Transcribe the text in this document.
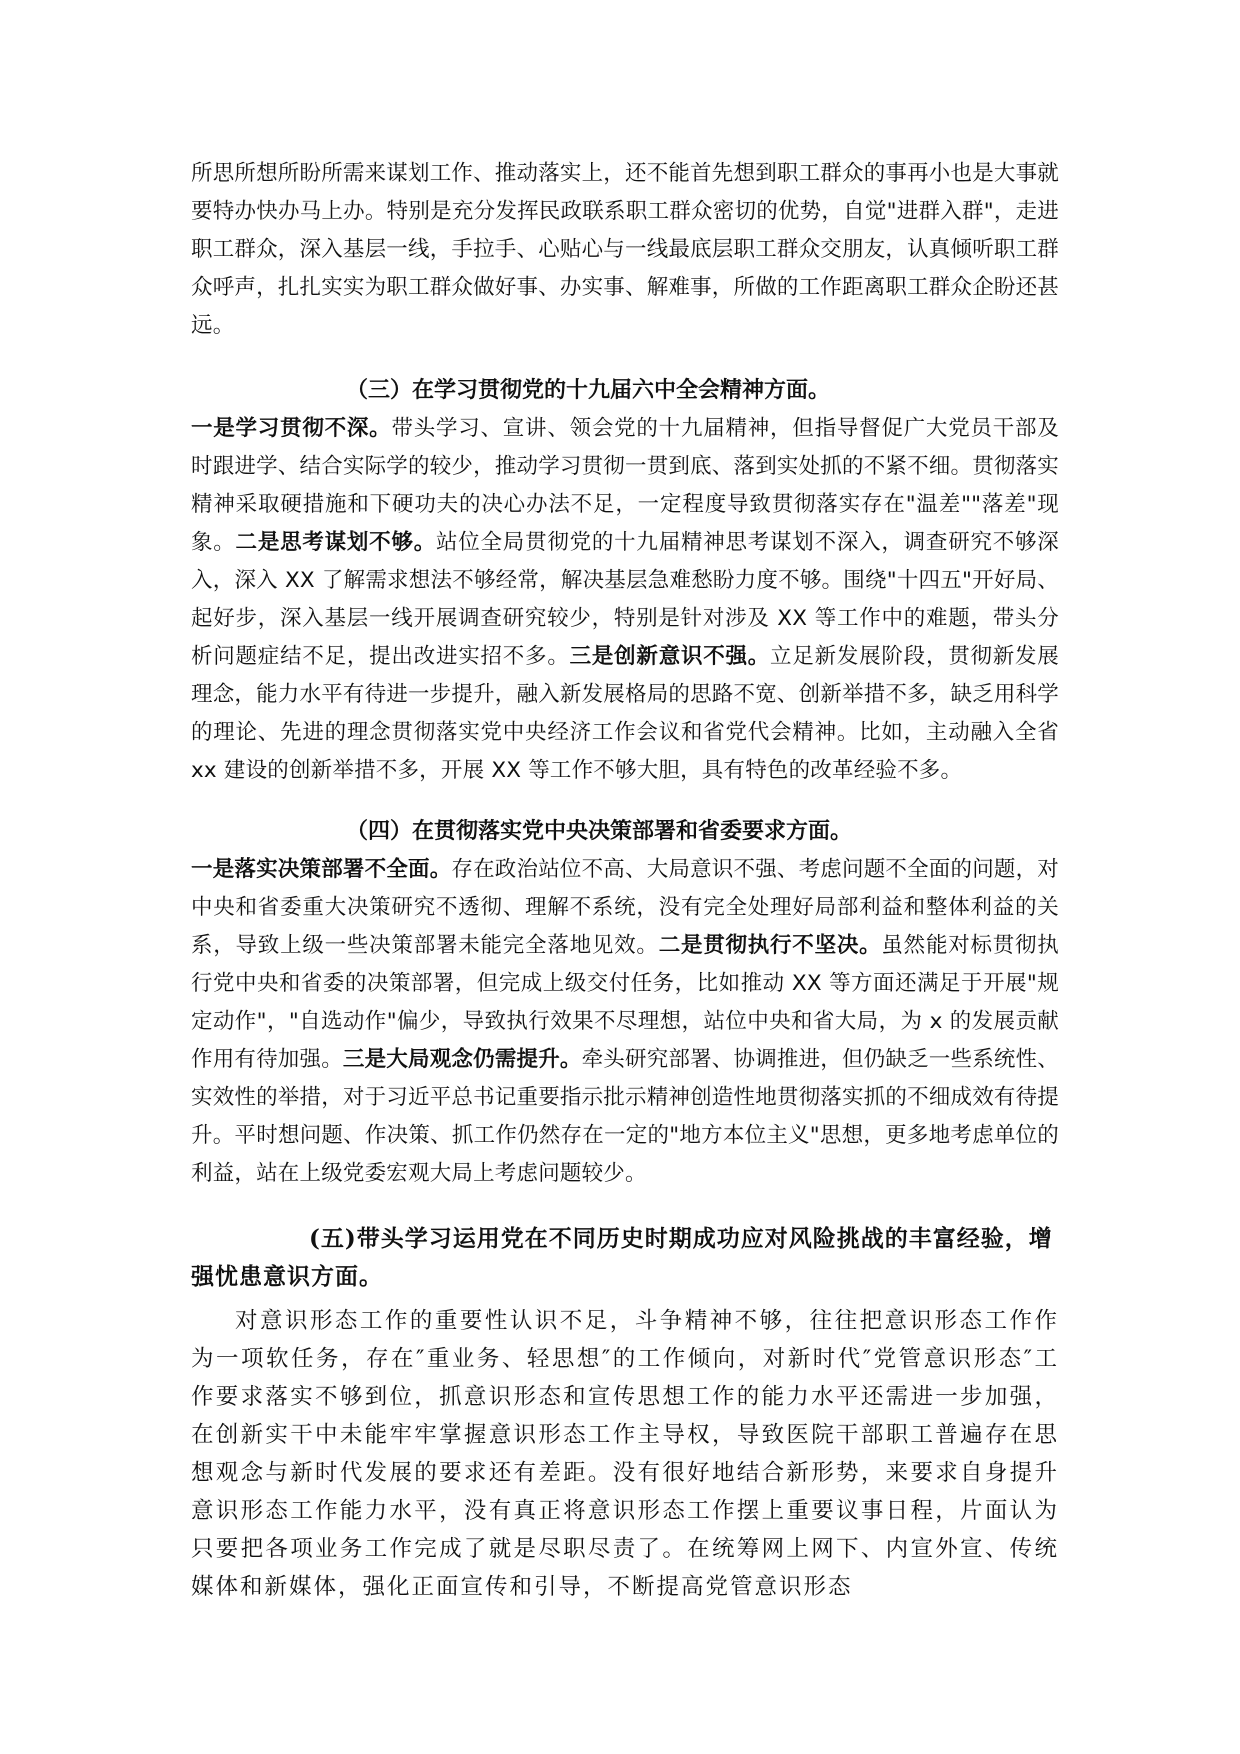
所思所想所盼所需来谋划工作、推动落实上，还不能首先想到职工群众的事再小也是大事就要特办快办马上办。特别是充分发挥民政联系职工群众密切的优势，自觉"进群入群"，走进职工群众，深入基层一线，手拉手、心贴心与一线最底层职工群众交朋友，认真倾听职工群众呼声，扎扎实实为职工群众做好事、办实事、解难事，所做的工作距离职工群众企盼还甚远。

（三）在学习贯彻党的十九届六中全会精神方面。

一是学习贯彻不深。带头学习、宣讲、领会党的十九届精神，但指导督促广大党员干部及时跟进学、结合实际学的较少，推动学习贯彻一贯到底、落到实处抓的不紧不细。贯彻落实精神采取硬措施和下硬功夫的决心办法不足，一定程度导致贯彻落实存在"温差""落差"现象。二是思考谋划不够。站位全局贯彻党的十九届精神思考谋划不深入，调查研究不够深入，深入 XX 了解需求想法不够经常，解决基层急难愁盼力度不够。围绕"十四五"开好局、起好步，深入基层一线开展调查研究较少，特别是针对涉及 XX 等工作中的难题，带头分析问题症结不足，提出改进实招不多。三是创新意识不强。立足新发展阶段，贯彻新发展理念，能力水平有待进一步提升，融入新发展格局的思路不宽、创新举措不多，缺乏用科学的理论、先进的理念贯彻落实党中央经济工作会议和省党代会精神。比如，主动融入全省 xx 建设的创新举措不多，开展 XX 等工作不够大胆，具有特色的改革经验不多。

（四）在贯彻落实党中央决策部署和省委要求方面。

一是落实决策部署不全面。存在政治站位不高、大局意识不强、考虑问题不全面的问题，对中央和省委重大决策研究不透彻、理解不系统，没有完全处理好局部利益和整体利益的关系，导致上级一些决策部署未能完全落地见效。二是贯彻执行不坚决。虽然能对标贯彻执行党中央和省委的决策部署，但完成上级交付任务，比如推动 XX 等方面还满足于开展"规定动作"，"自选动作"偏少，导致执行效果不尽理想，站位中央和省大局，为 x 的发展贡献作用有待加强。三是大局观念仍需提升。牵头研究部署、协调推进，但仍缺乏一些系统性、实效性的举措，对于习近平总书记重要指示批示精神创造性地贯彻落实抓的不细成效有待提升。平时想问题、作决策、抓工作仍然存在一定的"地方本位主义"思想，更多地考虑单位的利益，站在上级党委宏观大局上考虑问题较少。

(五)带头学习运用党在不同历史时期成功应对风险挑战的丰富经验，增强忧患意识方面。

对意识形态工作的重要性认识不足，斗争精神不够，往往把意识形态工作作为一项软任务，存在″重业务、轻思想″的工作倾向，对新时代″党管意识形态″工作要求落实不够到位，抓意识形态和宣传思想工作的能力水平还需进一步加强，在创新实干中未能牢牢掌握意识形态工作主导权，导致医院干部职工普遍存在思想观念与新时代发展的要求还有差距。没有很好地结合新形势，来要求自身提升意识形态工作能力水平，没有真正将意识形态工作摆上重要议事日程，片面认为只要把各项业务工作完成了就是尽职尽责了。在统筹网上网下、内宣外宣、传统媒体和新媒体，强化正面宣传和引导，不断提高党管意识形态
